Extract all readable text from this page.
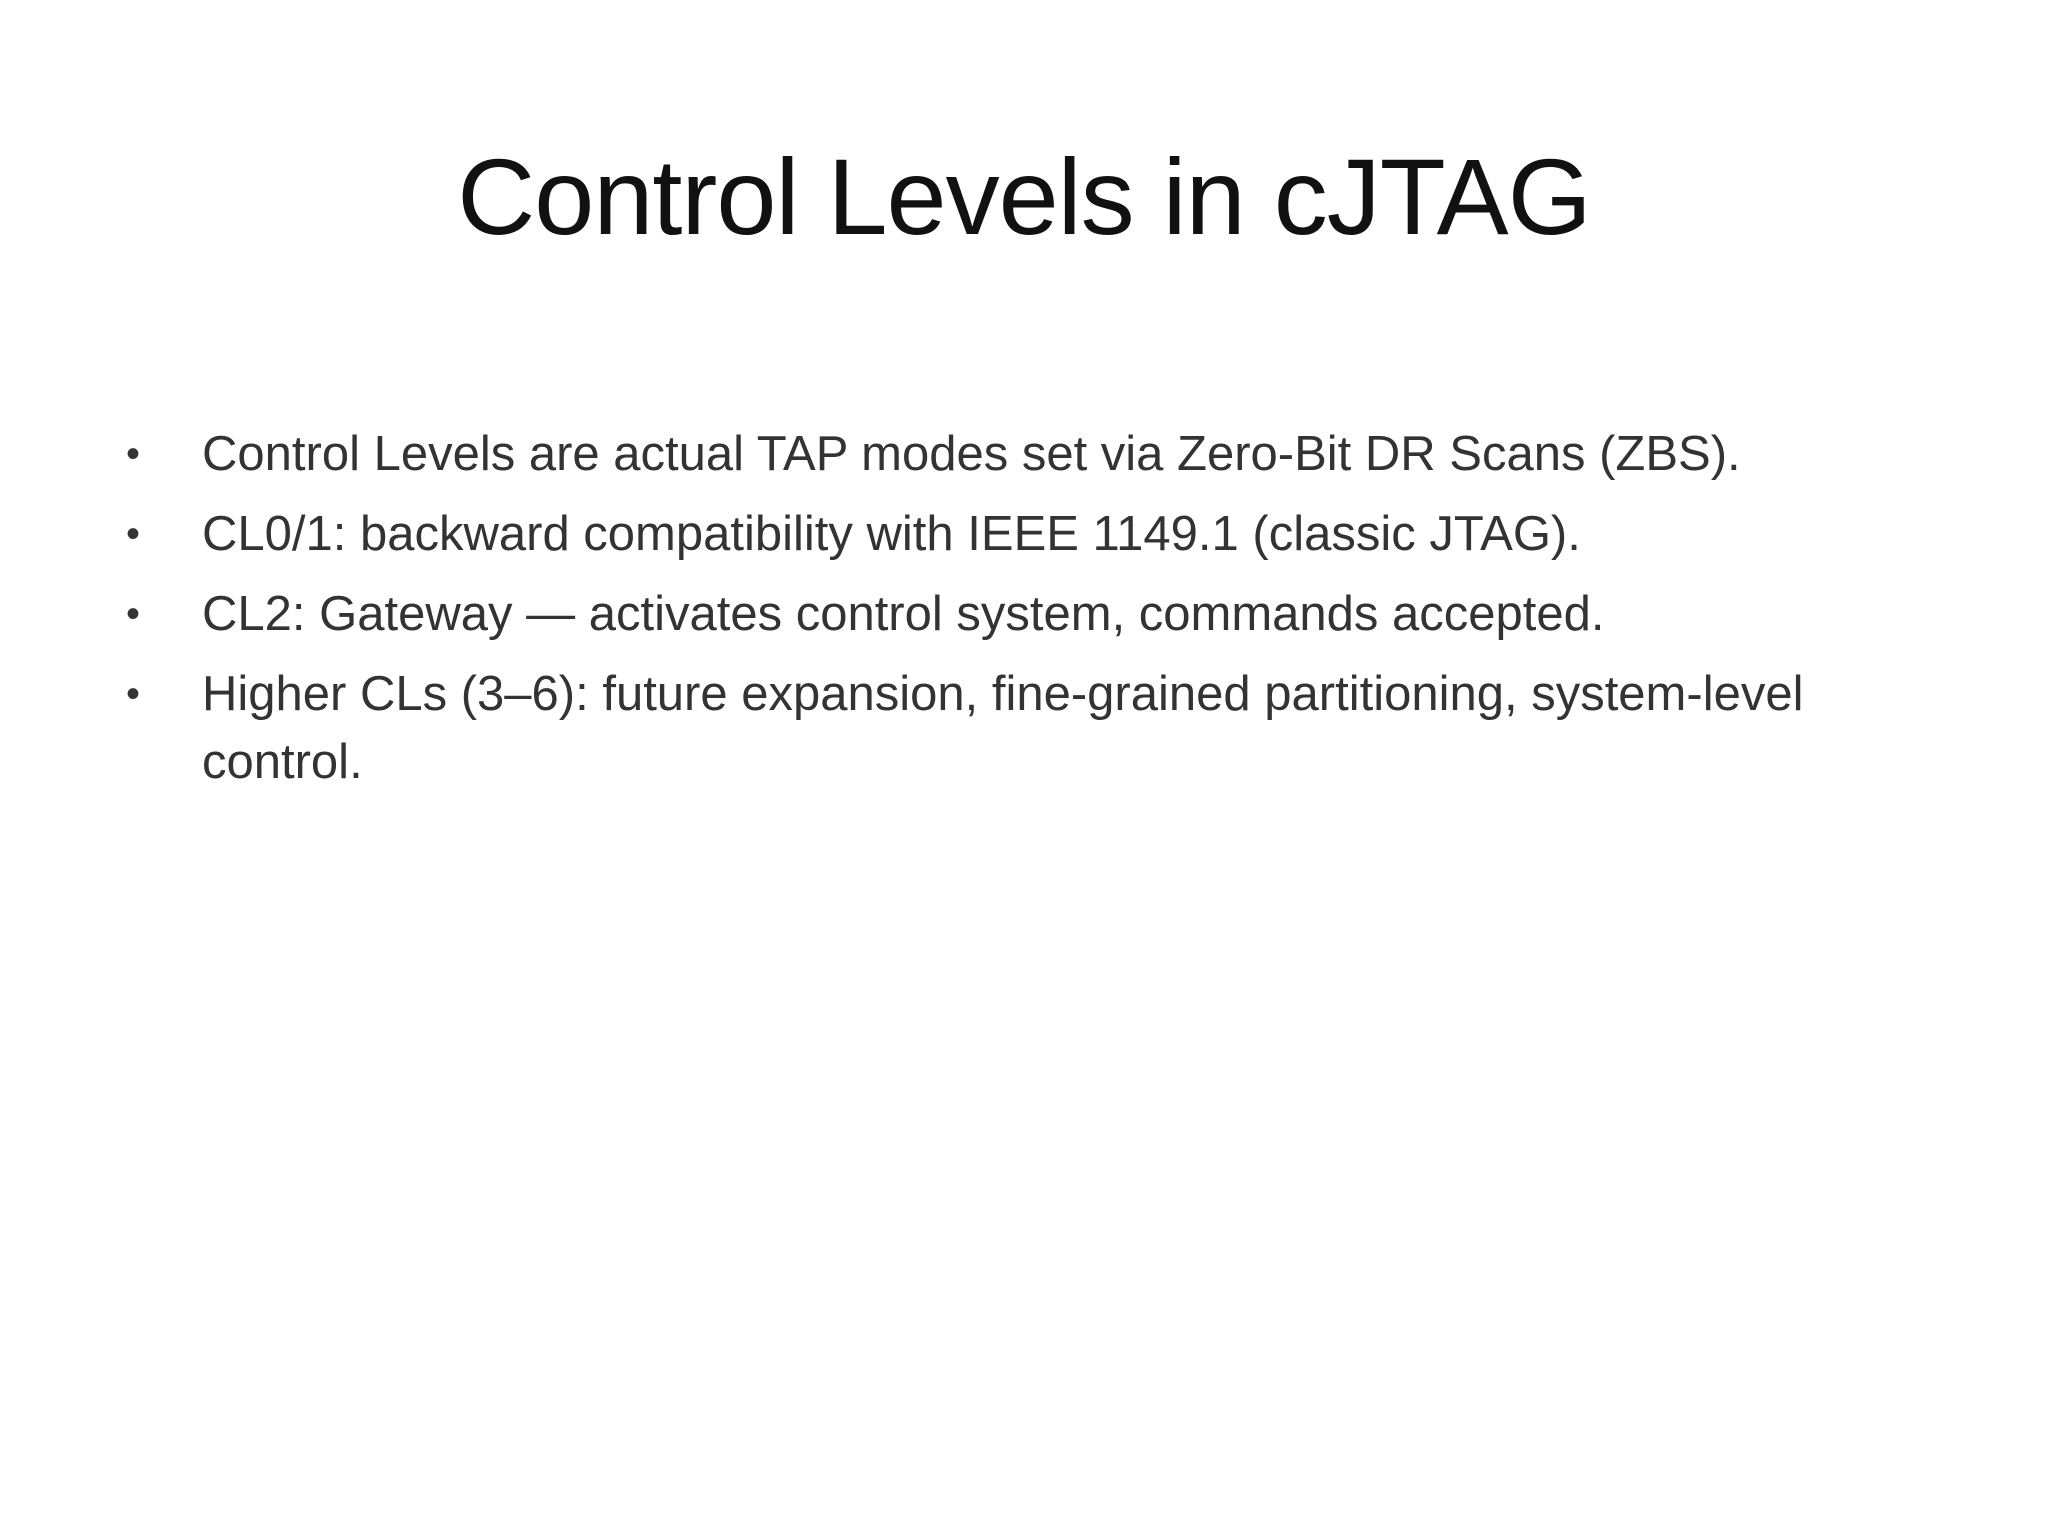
Control Levels in cJTAG
• Control Levels are actual TAP modes set via Zero-Bit DR Scans (ZBS).
• CL0/1: backward compatibility with IEEE 1149.1 (classic JTAG).
• CL2: Gateway — activates control system, commands accepted.
• Higher CLs (3–6): future expansion, fine-grained partitioning, system-level control.
